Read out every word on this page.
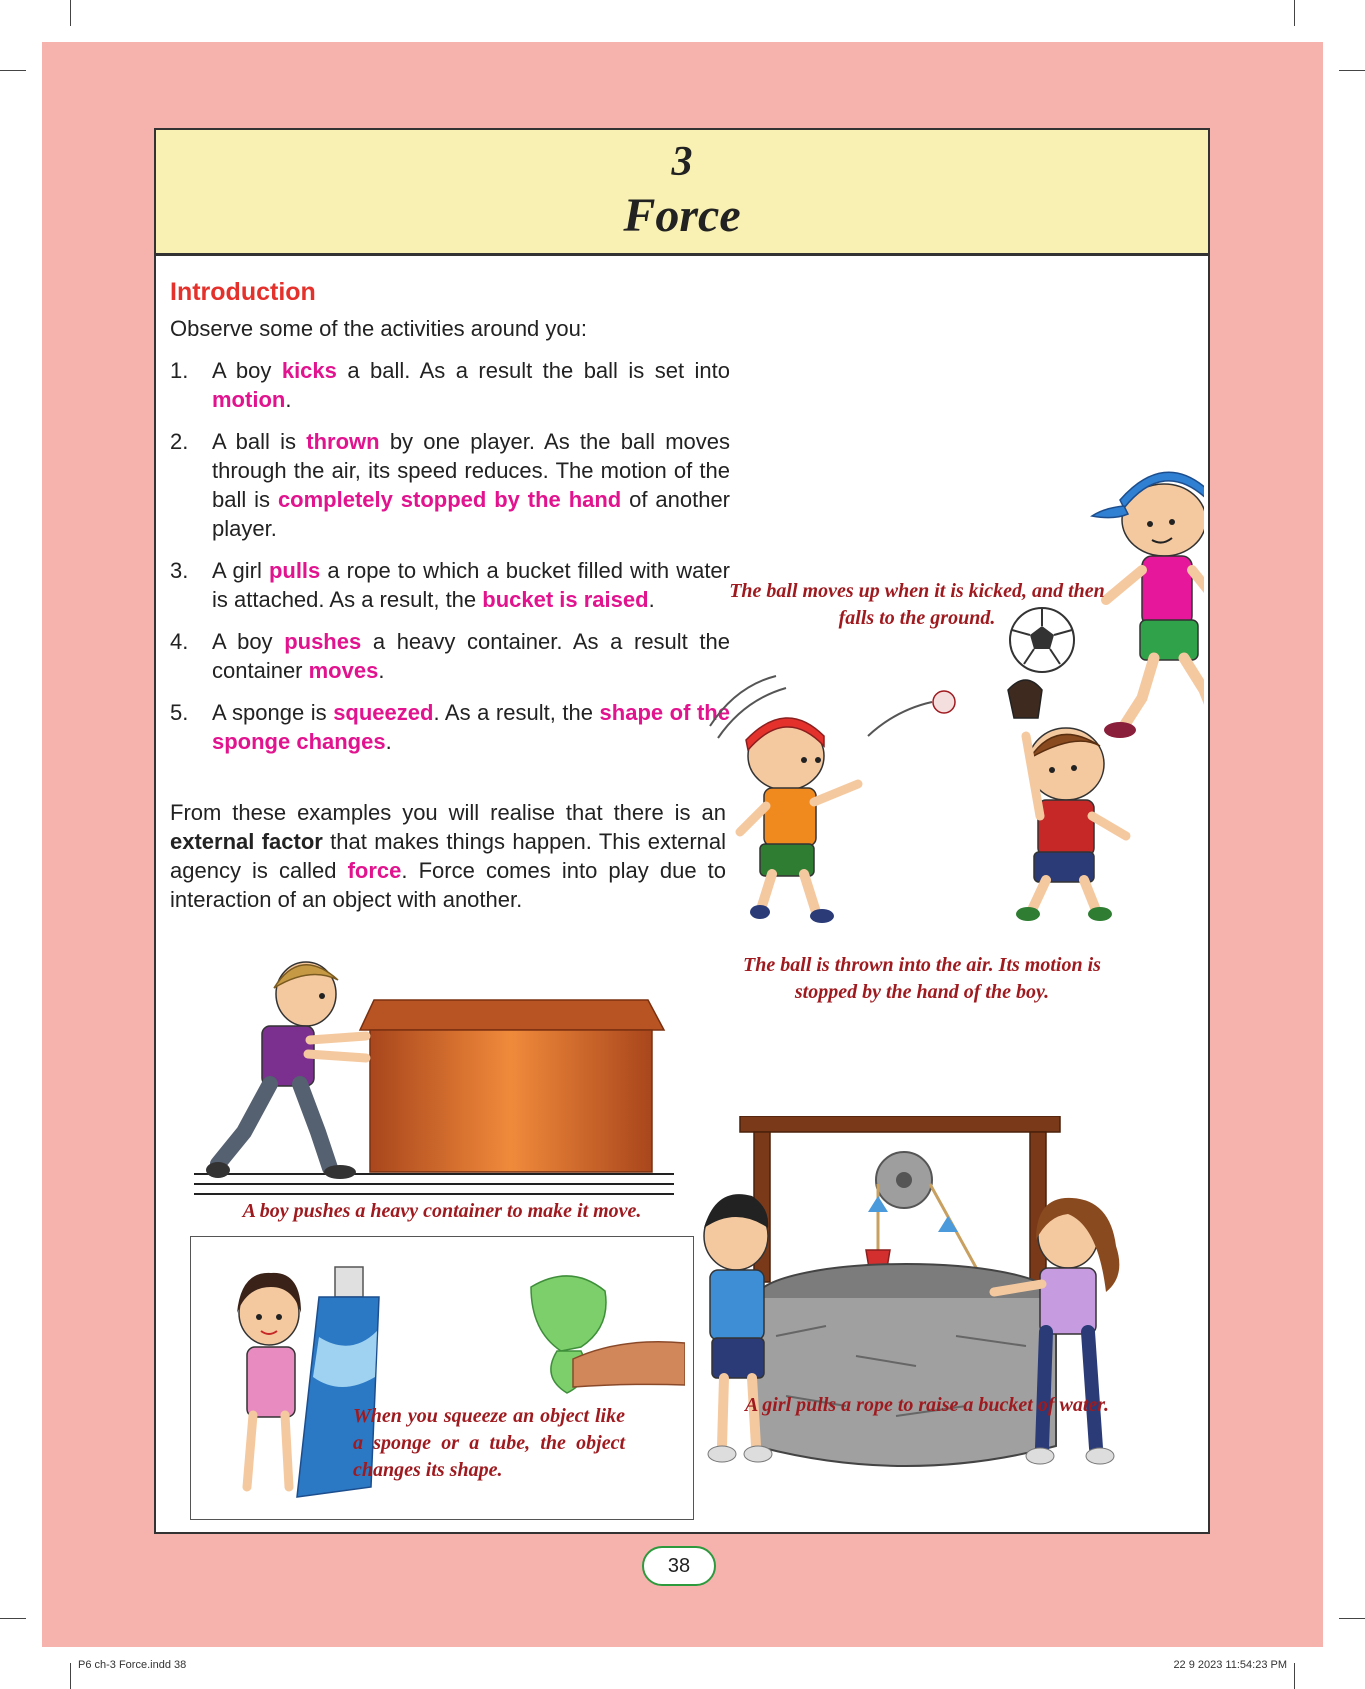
3
Force
Introduction
Observe some of the activities around you:
1. A boy kicks a ball. As a result the ball is set into motion.
2. A ball is thrown by one player. As the ball moves through the air, its speed reduces. The motion of the ball is completely stopped by the hand of another player.
3. A girl pulls a rope to which a bucket filled with water is attached. As a result, the bucket is raised.
4. A boy pushes a heavy container. As a result the container moves.
5. A sponge is squeezed. As a result, the shape of the sponge changes.
From these examples you will realise that there is an external factor that makes things happen. This external agency is called force. Force comes into play due to interaction of an object with another.
The ball moves up when it is kicked, and then falls to the ground.
The ball is thrown into the air. Its motion is stopped by the hand of the boy.
A boy pushes a heavy container to make it move.
When you squeeze an object like a sponge or a tube, the object changes its shape.
A girl pulls a rope to raise a bucket of water.
38
P6 ch-3 Force.indd 38	22 9 2023 11:54:23 PM
